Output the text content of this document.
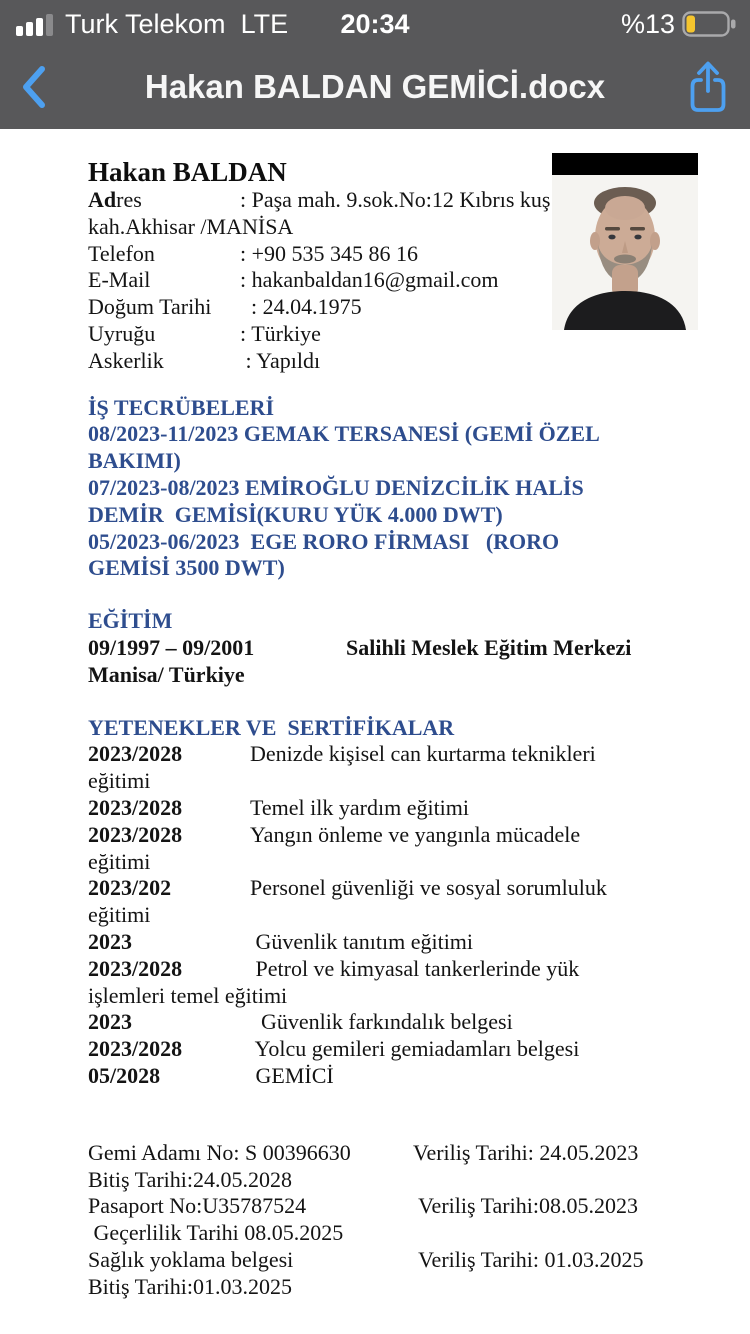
Turk Telekom LTE	20:34	%13
Hakan BALDAN GEMİCİ.docx
Hakan BALDAN
Adres	: Paşa mah. 9.sok.No:12 Kıbrıs kuş
kah.Akhisar /MANİSA
Telefon	: +90 535 345 86 16
E-Mail	: hakanbaldan16@gmail.com
Doğum Tarihi  : 24.04.1975
Uyruğu	: Türkiye
Askerlik	: Yapıldı
İŞ TECRÜBELERİ
08/2023-11/2023 GEMAK TERSANESİ (GEMİ ÖZEL
BAKIMI)
07/2023-08/2023 EMİROĞLU DENİZCİLİK HALİS
DEMİR  GEMİSİ(KURU YÜK 4.000 DWT)
05/2023-06/2023  EGE RORO FİRMASI   (RORO
GEMİSİ 3500 DWT)
EĞİTİM
09/1997 – 09/2001	Salihli Meslek Eğitim Merkezi
Manisa/ Türkiye
YETENEKLER VE  SERTİFİKALAR
2023/2028	Denizde kişisel can kurtarma teknikleri
eğitimi
2023/2028	Temel ilk yardım eğitimi
2023/2028	Yangın önleme ve yangınla mücadele
eğitimi
2023/202	Personel güvenliği ve sosyal sorumluluk
eğitimi
2023	Güvenlik tanıtım eğitimi
2023/2028	Petrol ve kimyasal tankerlerinde yük
işlemleri temel eğitimi
2023	Güvenlik farkındalık belgesi
2023/2028	Yolcu gemileri gemiadamları belgesi
05/2028	GEMİCİ
Gemi Adamı No: S 00396630	Veriliş Tarihi: 24.05.2023
Bitiş Tarihi:24.05.2028
Pasaport No:U35787524	Veriliş Tarihi:08.05.2023
Geçerlilik Tarihi 08.05.2025
Sağlık yoklama belgesi	Veriliş Tarihi: 01.03.2025
Bitiş Tarihi:01.03.2025
